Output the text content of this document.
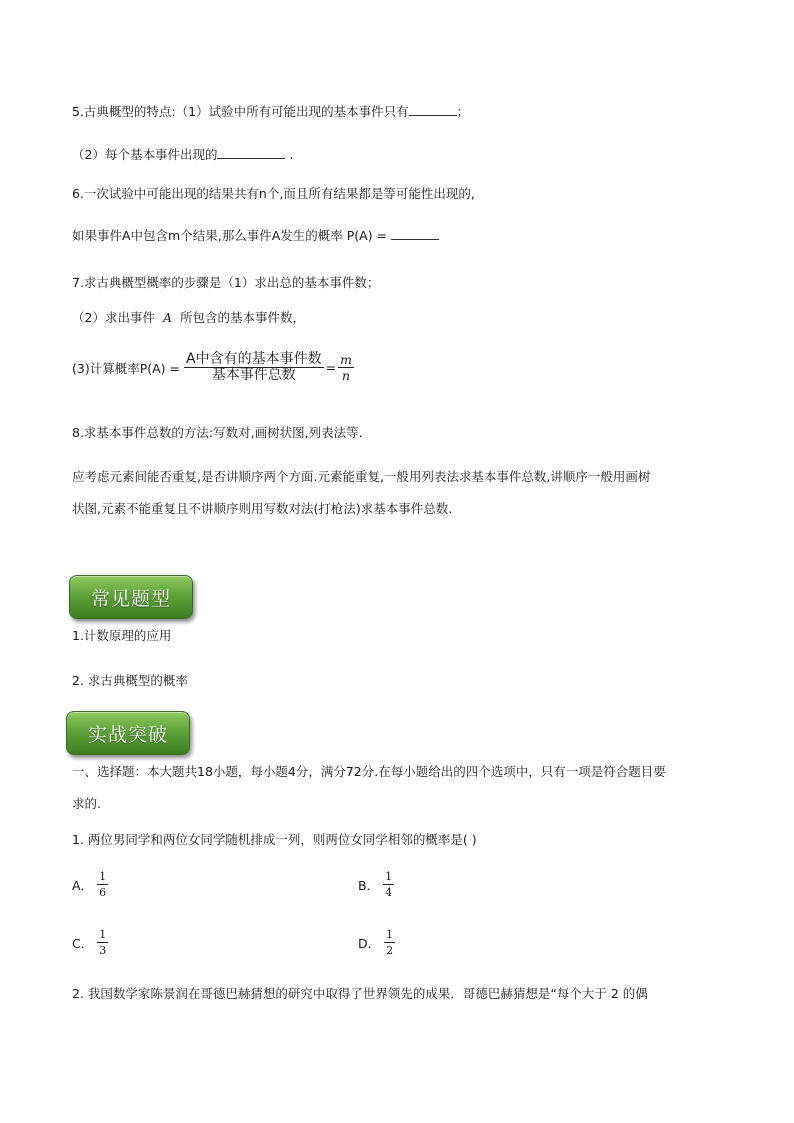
5.古典概型的特点:（1）试验中所有可能出现的基本事件只有	；
（2）每个基本事件出现的	.
6.一次试验中可能出现的结果共有n个,而且所有结果都是等可能性出现的,
如果事件A中包含m个结果,那么事件A发生的概率 P(A) =
7.求古典概型概率的步骤是（1）求出总的基本事件数；
（2）求出事件 A 所包含的基本事件数，
(3)计算概率$P(A) = \frac{\text{A中含有的基本事件数}}{\text{基本事件总数}} = \frac{m}{n}$
8.求基本事件总数的方法:写数对,画树状图,列表法等.
应考虑元素间能否重复,是否讲顺序两个方面.元素能重复,一般用列表法求基本事件总数,讲顺序一般用画树
状图,元素不能重复且不讲顺序则用写数对法(打枪法)求基本事件总数.
常见题型
1.计数原理的应用
2. 求古典概型的概率
实战突破
一、选择题：本大题共18小题，每小题4分，满分72分.在每小题给出的四个选项中，只有一项是符合题目要
求的.
1. 两位男同学和两位女同学随机排成一列，则两位女同学相邻的概率是( )
A． $\frac{1}{6}$	B． $\frac{1}{4}$
C． $\frac{1}{3}$	D． $\frac{1}{2}$
2. 我国数学家陈景润在哥德巴赫猜想的研究中取得了世界领先的成果．哥德巴赫猜想是“每个大于 2 的偶
